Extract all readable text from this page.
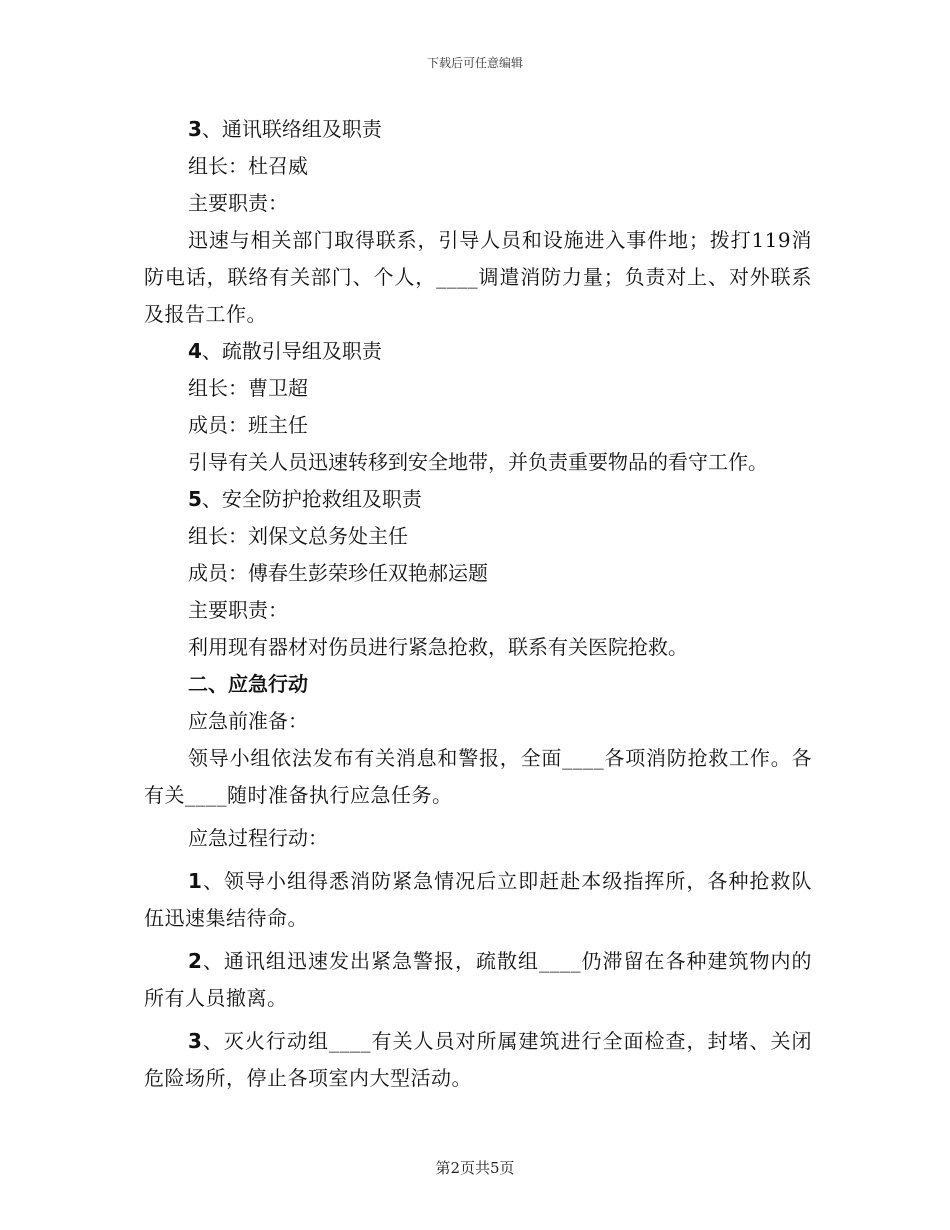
下载后可任意编辑
3、通讯联络组及职责
组长：杜召威
主要职责：
迅速与相关部门取得联系，引导人员和设施进入事件地；拨打119消防电话，联络有关部门、个人，____调遣消防力量；负责对上、对外联系及报告工作。
4、疏散引导组及职责
组长：曹卫超
成员：班主任
引导有关人员迅速转移到安全地带，并负责重要物品的看守工作。
5、安全防护抢救组及职责
组长：刘保文总务处主任
成员：傅春生彭荣珍任双艳郝运题
主要职责：
利用现有器材对伤员进行紧急抢救，联系有关医院抢救。
二、应急行动
应急前准备：
领导小组依法发布有关消息和警报，全面____各项消防抢救工作。各有关____随时准备执行应急任务。
应急过程行动：
1、领导小组得悉消防紧急情况后立即赶赴本级指挥所，各种抢救队伍迅速集结待命。
2、通讯组迅速发出紧急警报，疏散组____仍滞留在各种建筑物内的所有人员撤离。
3、灭火行动组____有关人员对所属建筑进行全面检查，封堵、关闭危险场所，停止各项室内大型活动。
第2页共5页
